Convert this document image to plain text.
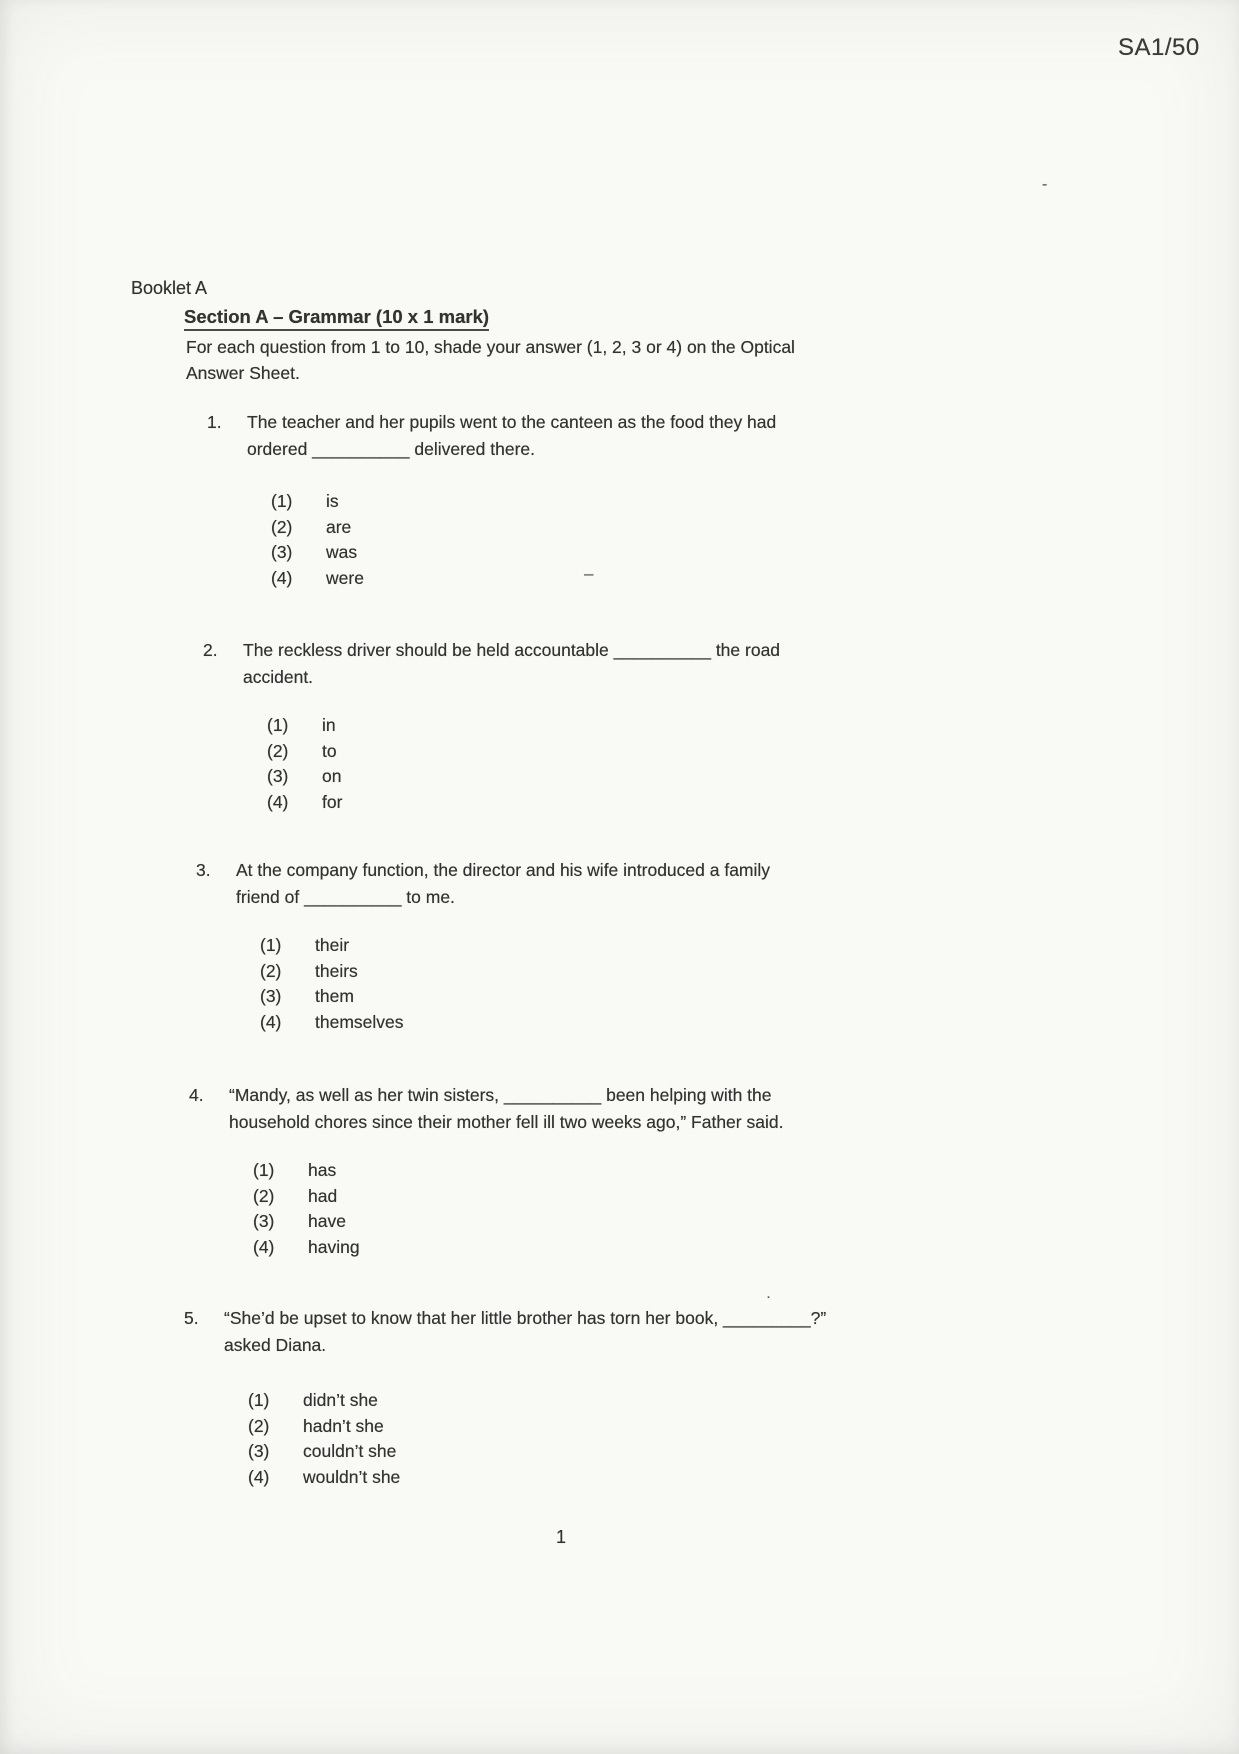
SA1/50
-
Booklet A
Section A – Grammar (10 x 1 mark)
For each question from 1 to 10, shade your answer (1, 2, 3 or 4) on the Optical
Answer Sheet.
1.	The teacher and her pupils went to the canteen as the food they had
ordered __________ delivered there.
(1)	is
(2)	are
(3)	was
(4)	were	–
2.	The reckless driver should be held accountable __________ the road
accident.
(1)	in
(2)	to
(3)	on
(4)	for
3.	At the company function, the director and his wife introduced a family
friend of __________ to me.
(1)	their
(2)	theirs
(3)	them
(4)	themselves
4.	“Mandy, as well as her twin sisters, __________ been helping with the
household chores since their mother fell ill two weeks ago,” Father said.
(1)	has
(2)	had
(3)	have
(4)	having
5.	“She’d be upset to know that her little brother has torn her book, _________?”
asked Diana.
(1)	didn’t she
(2)	hadn’t she
(3)	couldn’t she
(4)	wouldn’t she
·
1
